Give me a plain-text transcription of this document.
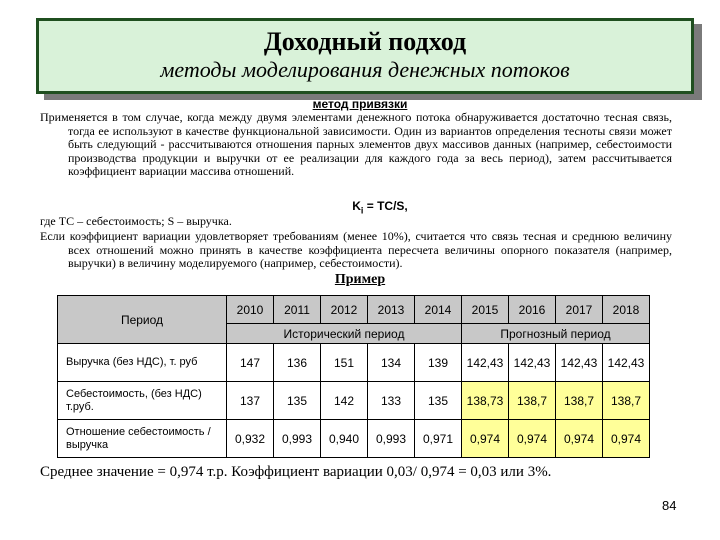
Доходный подход
методы моделирования денежных потоков
метод привязки
Применяется в том случае, когда между двумя элементами денежного потока обнаруживается достаточно тесная связь, тогда ее используют в качестве функциональной зависимости. Один из вариантов определения тесноты связи может быть следующий - рассчитываются отношения парных элементов двух массивов данных (например, себестоимости производства продукции и выручки от ее реализации для каждого года за весь период), затем рассчитывается коэффициент вариации массива отношений.
$K_i = TC/S$,
где ТС – себестоимость; S – выручка.
Если коэффициент вариации удовлетворяет требованиям (менее 10%), считается что связь тесная и среднюю величину всех отношений можно принять в качестве коэффициента пересчета величины опорного показателя (например, выручки) в величину моделируемого (например, себестоимости).
Пример
Период	2010	2011	2012	2013	2014	2015	2016	2017	2018
	Исторический период					Прогнозный период			
Выручка (без НДС), т. руб	147	136	151	134	139	142,43	142,43	142,43	142,43
Себестоимость, (без НДС) т.руб.	137	135	142	133	135	138,73	138,7	138,7	138,7
Отношение себестоимость /выручка	0,932	0,993	0,940	0,993	0,971	0,974	0,974	0,974	0,974
Среднее значение = 0,974 т.р. Коэффициент вариации 0,03/ 0,974 = 0,03 или 3%.
84
